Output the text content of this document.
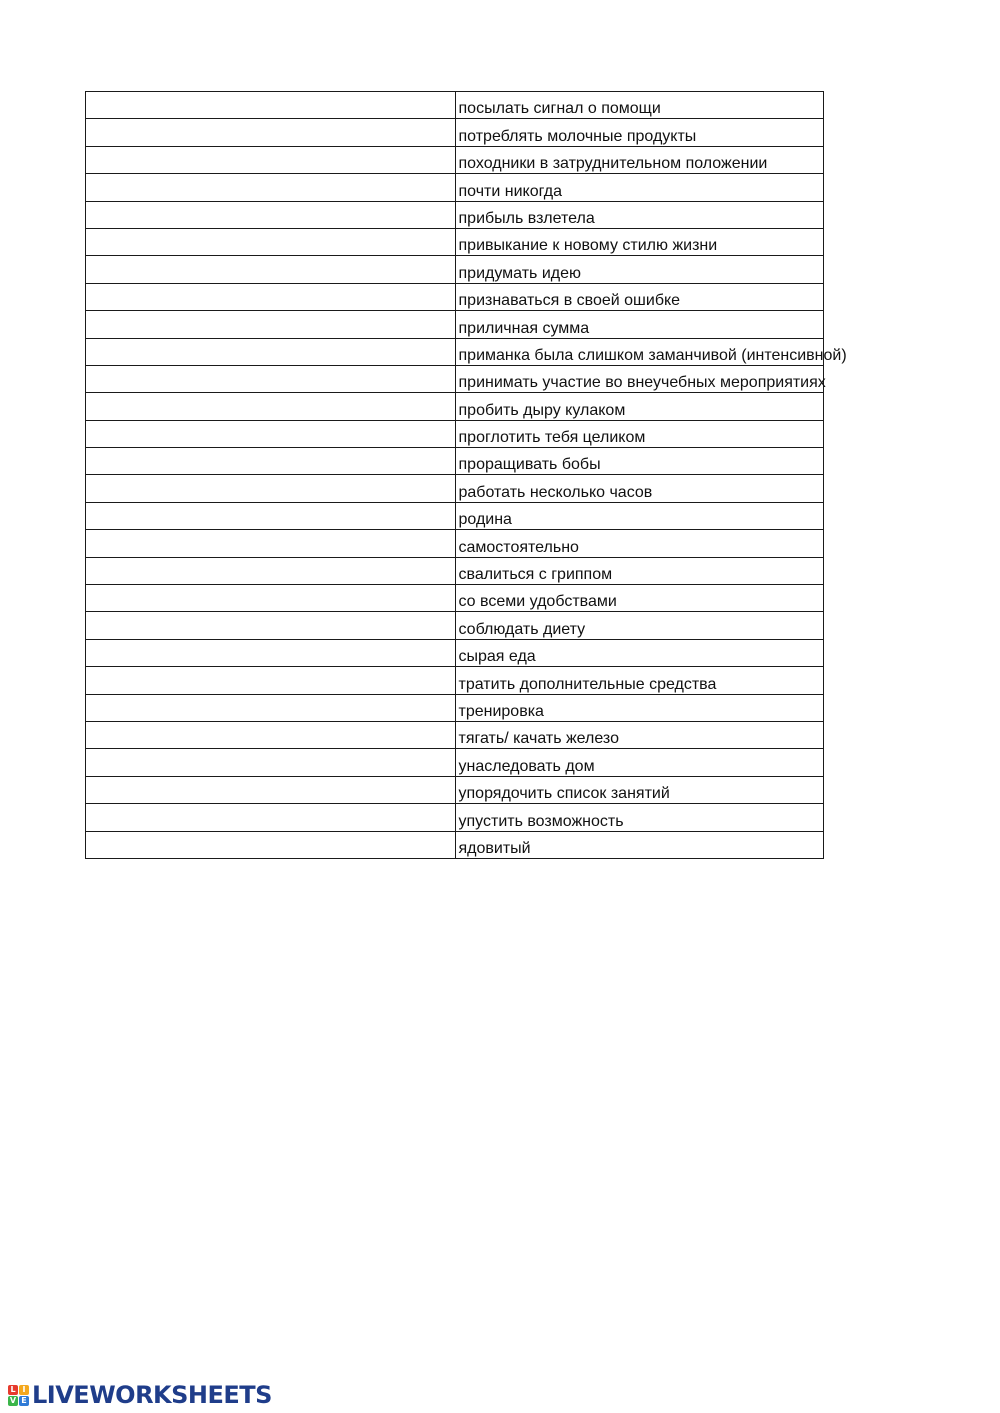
	посылать сигнал о помощи

	потреблять молочные продукты

	походники в затруднительном положении

	почти никогда

	прибыль взлетела

	привыкание к новому стилю жизни

	придумать идею

	признаваться в своей ошибке

	приличная сумма

	приманка была слишком заманчивой (интенсивной)

	принимать участие во внеучебных мероприятиях

	пробить дыру кулаком

	проглотить тебя целиком

	проращивать бобы

	работать несколько часов

	родина

	самостоятельно

	свалиться с гриппом

	со всеми удобствами

	соблюдать диету

	сырая еда

	тратить дополнительные средства

	тренировка

	тягать/ качать железо

	унаследовать дом

	упорядочить список занятий

	упустить возможность

	ядовитый
L I
V E LIVEWORKSHEETS
